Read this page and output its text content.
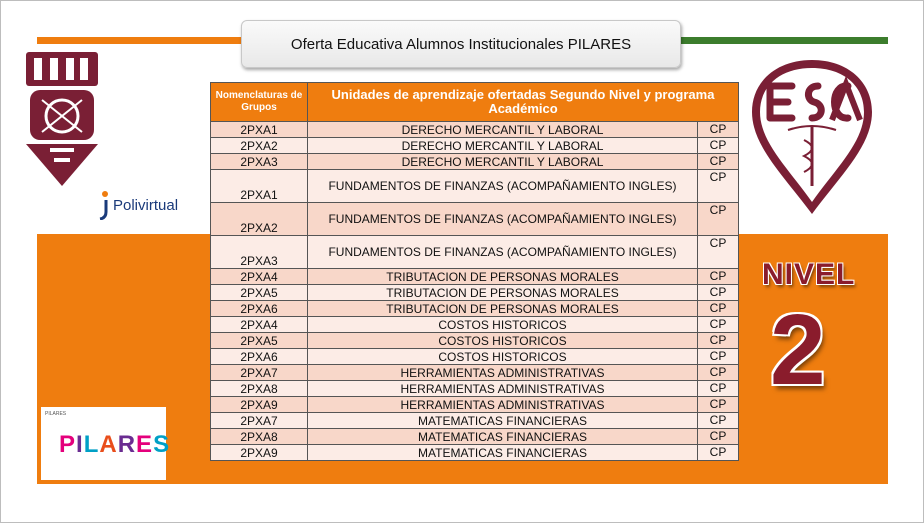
Oferta Educativa Alumnos Institucionales PILARES
Polivirtual
NIVEL
2
PILARES
PILARES
Nomenclaturas de Grupos	Unidades de aprendizaje ofertadas Segundo Nivel y programa Académico	
2PXA1	DERECHO MERCANTIL Y LABORAL	CP
2PXA2	DERECHO MERCANTIL Y LABORAL	CP
2PXA3	DERECHO MERCANTIL Y LABORAL	CP
2PXA1	FUNDAMENTOS DE FINANZAS (ACOMPAÑAMIENTO INGLES)	CP
2PXA2	FUNDAMENTOS DE FINANZAS (ACOMPAÑAMIENTO INGLES)	CP
2PXA3	FUNDAMENTOS DE FINANZAS (ACOMPAÑAMIENTO INGLES)	CP
2PXA4	TRIBUTACION DE PERSONAS MORALES	CP
2PXA5	TRIBUTACION DE PERSONAS MORALES	CP
2PXA6	TRIBUTACION DE PERSONAS MORALES	CP
2PXA4	COSTOS HISTORICOS	CP
2PXA5	COSTOS HISTORICOS	CP
2PXA6	COSTOS HISTORICOS	CP
2PXA7	HERRAMIENTAS ADMINISTRATIVAS	CP
2PXA8	HERRAMIENTAS ADMINISTRATIVAS	CP
2PXA9	HERRAMIENTAS ADMINISTRATIVAS	CP
2PXA7	MATEMATICAS FINANCIERAS	CP
2PXA8	MATEMATICAS FINANCIERAS	CP
2PXA9	MATEMATICAS FINANCIERAS	CP
